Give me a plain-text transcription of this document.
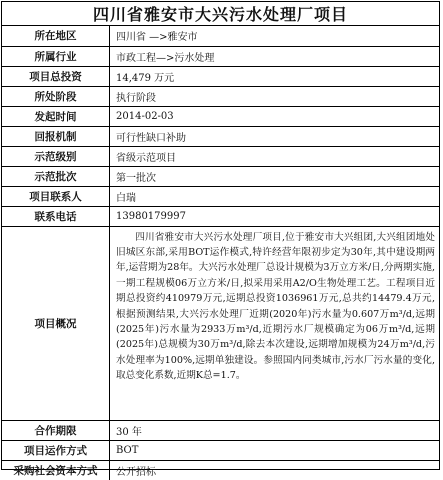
四川省雅安市大兴污水处理厂项目
所在地区	四川省 —>雅安市
所属行业	市政工程—>污水处理
项目总投资	14,479 万元
所处阶段	执行阶段
发起时间	2014-02-03
回报机制	可行性缺口补助
示范级别	省级示范项目
示范批次	第一批次
项目联系人	白瑞
联系电话	13980179997
项目概况	四川省雅安市大兴污水处理厂项目,位于雅安市大兴组团,大兴组团地处旧城区东部,采用BOT运作模式,特许经营年限初步定为30年,其中建设期两年,运营期为28年。大兴污水处理厂总设计规模为3万立方米/日,分两期实施,一期工程规模06万立方米/日,拟采用采用A2/O生物处理工艺。工程项目近期总投资约410979万元,远期总投资1036961万元,总共约14479.4万元,根据预测结果,大兴污水处理厂近期(2020年)污水量为0.607万m³/d,远期(2025年)污水量为2933万m³/d,近期污水厂规模确定为06万m³/d,远期(2025年)总规模为30万m³/d,除去本次建设,远期增加规模为24万m³/d,污水处理率为100%,远期单独建设。参照国内同类城市,污水厂污水量的变化,取总变化系数,近期K总=1.7。
合作期限	30 年
项目运作方式	BOT
采购社会资本方式	公开招标
